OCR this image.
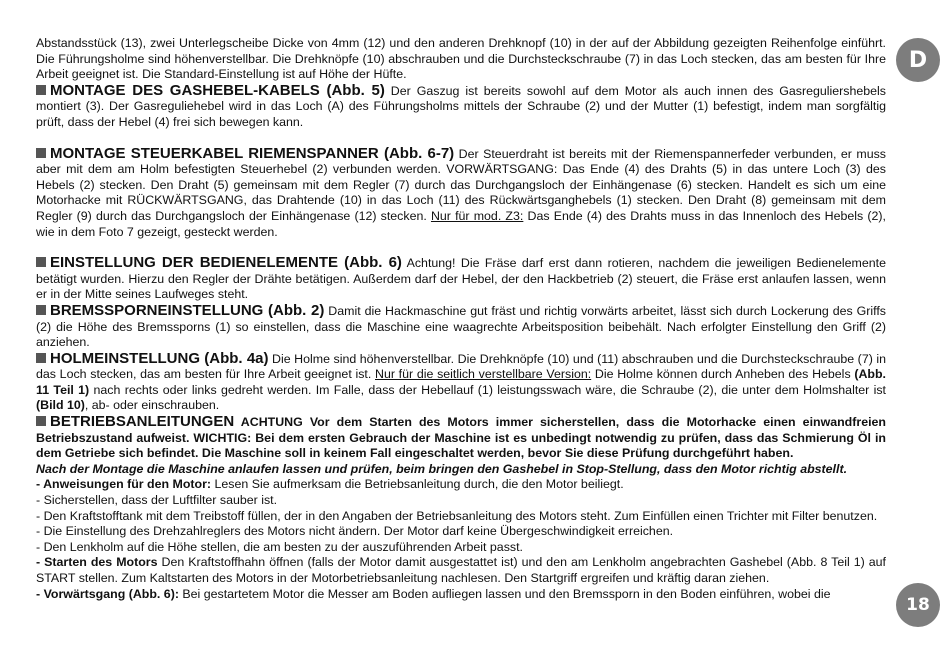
Abstandsstück (13), zwei Unterlegscheibe Dicke von 4mm (12) und den anderen Drehknopf (10) in der auf der Abbildung gezeigten Reihenfolge einführt. Die Führungsholme sind höhenverstellbar. Die Drehknöpfe (10) abschrauben und die Durchsteckschraube (7) in das Loch stecken, das am besten für Ihre Arbeit geeignet ist. Die Standard-Einstellung ist auf Höhe der Hüfte.

MONTAGE DES GASHEBEL-KABELS (Abb. 5) Der Gaszug ist bereits sowohl auf dem Motor als auch innen des Gasreguliershebels montiert (3). Der Gasreguliehebel wird in das Loch (A) des Führungsholms mittels der Schraube (2) und der Mutter (1) befestigt, indem man sorgfältig prüft, dass der Hebel (4) frei sich bewegen kann.

MONTAGE STEUERKABEL RIEMENSPANNER (Abb. 6-7) Der Steuerdraht ist bereits mit der Riemenspannerfeder verbunden, er muss aber mit dem am Holm befestigten Steuerhebel (2) verbunden werden. VORWÄRTSGANG: Das Ende (4) des Drahts (5) in das untere Loch (3) des Hebels (2) stecken. Den Draht (5) gemeinsam mit dem Regler (7) durch das Durchgangsloch der Einhängenase (6) stecken. Handelt es sich um eine Motorhacke mit RÜCKWÄRTSGANG, das Drahtende (10) in das Loch (11) des Rückwärtsganghebels (1) stecken. Den Draht (8) gemeinsam mit dem Regler (9) durch das Durchgangsloch der Einhängenase (12) stecken. Nur für mod. Z3: Das Ende (4) des Drahts muss in das Innenloch des Hebels (2), wie in dem Foto 7 gezeigt, gesteckt werden.

EINSTELLUNG DER BEDIENELEMENTE (Abb. 6) Achtung! Die Fräse darf erst dann rotieren, nachdem die jeweiligen Bedienelemente betätigt wurden. Hierzu den Regler der Drähte betätigen. Außerdem darf der Hebel, der den Hackbetrieb (2) steuert, die Fräse erst anlaufen lassen, wenn er in der Mitte seines Laufweges steht.

BREMSSPORNEINSTELLUNG (Abb. 2) Damit die Hackmaschine gut fräst und richtig vorwärts arbeitet, lässt sich durch Lockerung des Griffs (2) die Höhe des Bremssporns (1) so einstellen, dass die Maschine eine waagrechte Arbeitsposition beibehält. Nach erfolgter Einstellung den Griff (2) anziehen.

HOLMEINSTELLUNG (Abb. 4a) Die Holme sind höhenverstellbar. Die Drehknöpfe (10) und (11) abschrauben und die Durchsteckschraube (7) in das Loch stecken, das am besten für Ihre Arbeit geeignet ist. Nur für die seitlich verstellbare Version: Die Holme können durch Anheben des Hebels (Abb. 11 Teil 1) nach rechts oder links gedreht werden. Im Falle, dass der Hebellauf (1) leistungsswach wäre, die Schraube (2), die unter dem Holmshalter ist (Bild 10), ab- oder einschrauben.

BETRIEBSANLEITUNGEN ACHTUNG Vor dem Starten des Motors immer sicherstellen, dass die Motorhacke einen einwandfreien Betriebszustand aufweist. WICHTIG: Bei dem ersten Gebrauch der Maschine ist es unbedingt notwendig zu prüfen, dass das Schmierung Öl in dem Getriebe sich befindet. Die Maschine soll in keinem Fall eingeschaltet werden, bevor Sie diese Prüfung durchgeführt haben.

Nach der Montage die Maschine anlaufen lassen und prüfen, beim bringen den Gashebel in Stop-Stellung, dass den Motor richtig abstellt.

- Anweisungen für den Motor: Lesen Sie aufmerksam die Betriebsanleitung durch, die den Motor beiliegt.

- Sicherstellen, dass der Luftfilter sauber ist.

- Den Kraftstofftank mit dem Treibstoff füllen, der in den Angaben der Betriebsanleitung des Motors steht. Zum Einfüllen einen Trichter mit Filter benutzen.

- Die Einstellung des Drehzahlreglers des Motors nicht ändern. Der Motor darf keine Übergeschwindigkeit erreichen.

- Den Lenkholm auf die Höhe stellen, die am besten zu der auszuführenden Arbeit passt.

- Starten des Motors Den Kraftstoffhahn öffnen (falls der Motor damit ausgestattet ist) und den am Lenkholm angebrachten Gashebel (Abb. 8 Teil 1) auf START stellen. Zum Kaltstarten des Motors in der Motorbetriebsanleitung nachlesen. Den Startgriff ergreifen und kräftig daran ziehen.

- Vorwärtsgang (Abb. 6): Bei gestartetem Motor die Messer am Boden aufliegen lassen und den Bremssporn in den Boden einführen, wobei die

D
18
